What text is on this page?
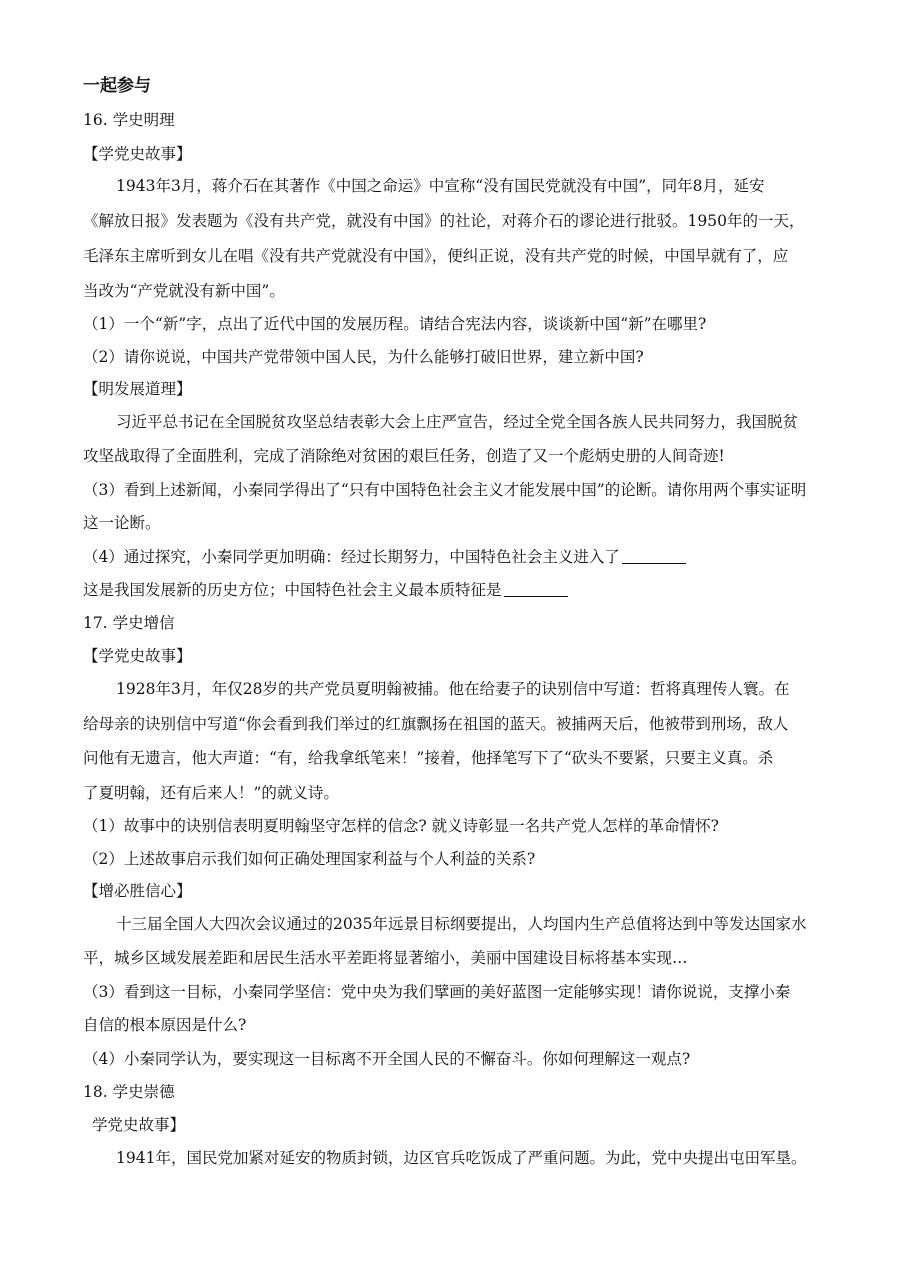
一起参与
16. 学史明理
【学党史故事】
1943年3月，蒋介石在其著作《中国之命运》中宣称“没有国民党就没有中国”，同年8月，延安
《解放日报》发表题为《没有共产党，就没有中国》的社论，对蒋介石的谬论进行批驳。1950年的一天，
毛泽东主席听到女儿在唱《没有共产党就没有中国》，便纠正说，没有共产党的时候，中国早就有了，应
当改为“产党就没有新中国”。
（1）一个“新”字，点出了近代中国的发展历程。请结合宪法内容，谈谈新中国“新”在哪里?
（2）请你说说，中国共产党带领中国人民，为什么能够打破旧世界，建立新中国?
【明发展道理】
习近平总书记在全国脱贫攻坚总结表彰大会上庄严宣告，经过全党全国各族人民共同努力，我国脱贫
攻坚战取得了全面胜利，完成了消除绝对贫困的艰巨任务，创造了又一个彪炳史册的人间奇迹!
（3）看到上述新闻，小秦同学得出了“只有中国特色社会主义才能发展中国”的论断。请你用两个事实证明
这一论断。
（4）通过探究，小秦同学更加明确：经过长期努力，中国特色社会主义进入了
这是我国发展新的历史方位；中国特色社会主义最本质特征是
17. 学史增信
【学党史故事】
1928年3月，年仅28岁的共产党员夏明翰被捕。他在给妻子的诀别信中写道：哲将真理传人寰。在
给母亲的诀别信中写道“你会看到我们举过的红旗飘扬在祖国的蓝天。被捕两天后，他被带到刑场，敌人
问他有无遗言，他大声道：“有，给我拿纸笔来！”接着，他择笔写下了“砍头不要紧，只要主义真。杀
了夏明翰，还有后来人！”的就义诗。
（1）故事中的诀别信表明夏明翰坚守怎样的信念? 就义诗彰显一名共产党人怎样的革命情怀?
（2）上述故事启示我们如何正确处理国家利益与个人利益的关系?
【增必胜信心】
十三届全国人大四次会议通过的2035年远景目标纲要提出，人均国内生产总值将达到中等发达国家水
平，城乡区域发展差距和居民生活水平差距将显著缩小，美丽中国建设目标将基本实现…
（3）看到这一目标，小秦同学坚信：党中央为我们擘画的美好蓝图一定能够实现！请你说说，支撑小秦
自信的根本原因是什么?
（4）小秦同学认为，要实现这一目标离不开全国人民的不懈奋斗。你如何理解这一观点?
18. 学史崇德
学党史故事】
1941年，国民党加紧对延安的物质封锁，边区官兵吃饭成了严重问题。为此，党中央提出屯田军垦。
